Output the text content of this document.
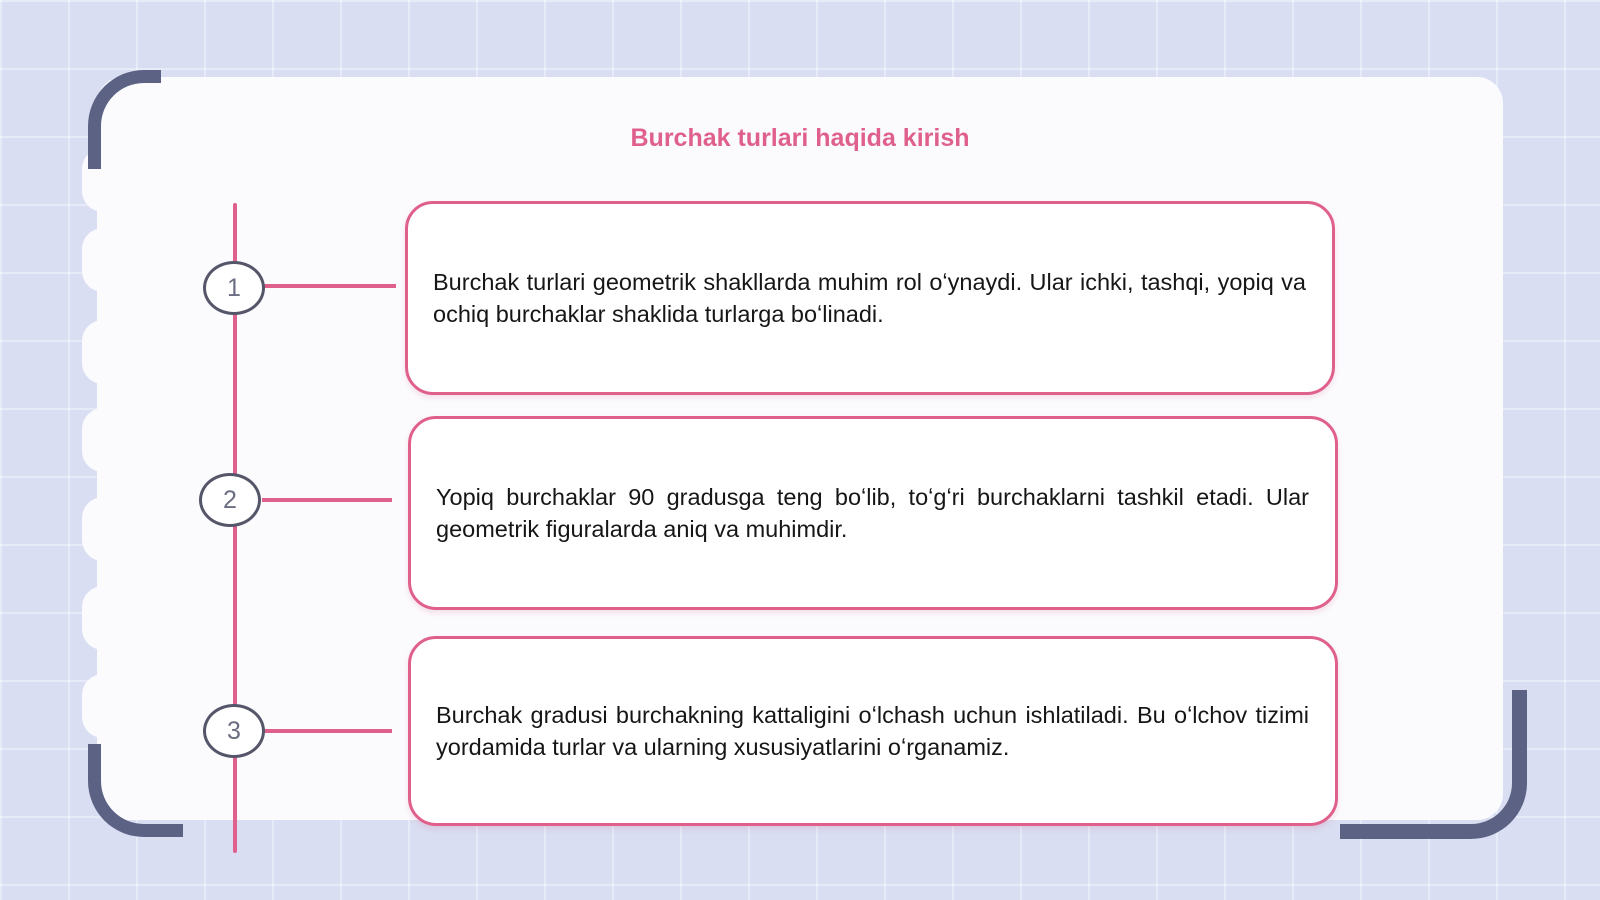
Burchak turlari haqida kirish
1	Burchak turlari geometrik shakllarda muhim rol oʻynaydi. Ular ichki, tashqi, yopiq va ochiq burchaklar shaklida turlarga boʻlinadi.

2	Yopiq burchaklar 90 gradusga teng boʻlib, toʻgʻri burchaklarni tashkil etadi. Ular geometrik figuralarda aniq va muhimdir.

3

Burchak gradusi burchakning kattaligini oʻlchash uchun ishlatiladi. Bu oʻlchov tizimi yordamida turlar va ularning xususiyatlarini oʻrganamiz.
